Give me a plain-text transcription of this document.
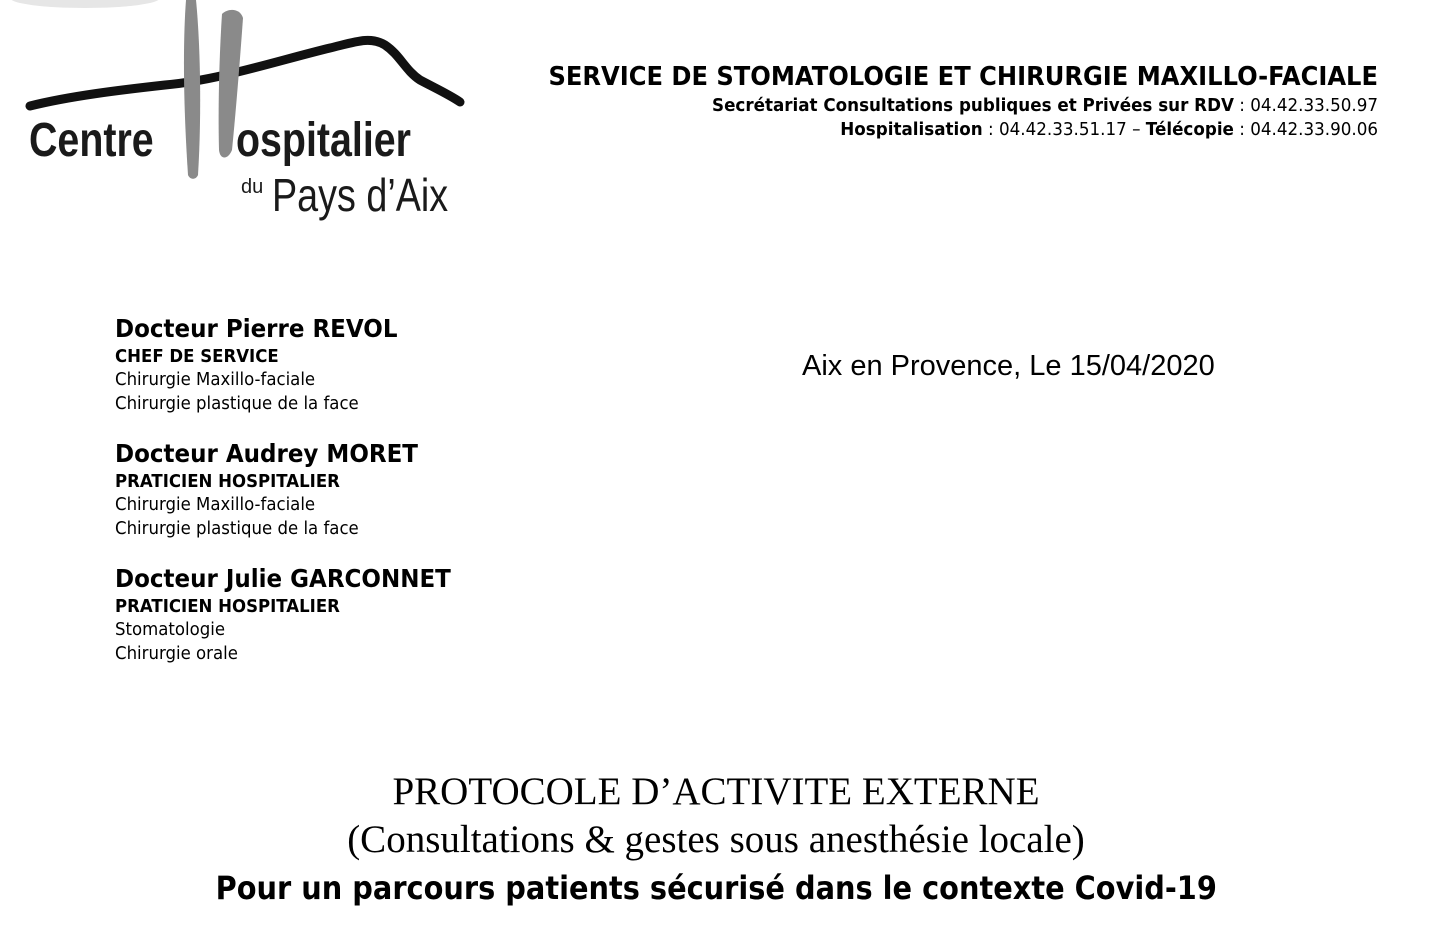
Centre ospitalier
du Pays d’Aix
SERVICE DE STOMATOLOGIE ET CHIRURGIE MAXILLO-FACIALE
Secrétariat Consultations publiques et Privées sur RDV : 04.42.33.50.97
Hospitalisation : 04.42.33.51.17 – Télécopie : 04.42.33.90.06
Docteur Pierre REVOL
CHEF DE SERVICE
Chirurgie Maxillo-faciale
Chirurgie plastique de la face
Docteur Audrey MORET
PRATICIEN HOSPITALIER
Chirurgie Maxillo-faciale
Chirurgie plastique de la face
Docteur Julie GARCONNET
PRATICIEN HOSPITALIER
Stomatologie
Chirurgie orale
Aix en Provence, Le 15/04/2020
PROTOCOLE D’ACTIVITE EXTERNE
(Consultations & gestes sous anesthésie locale)
Pour un parcours patients sécurisé dans le contexte Covid-19
